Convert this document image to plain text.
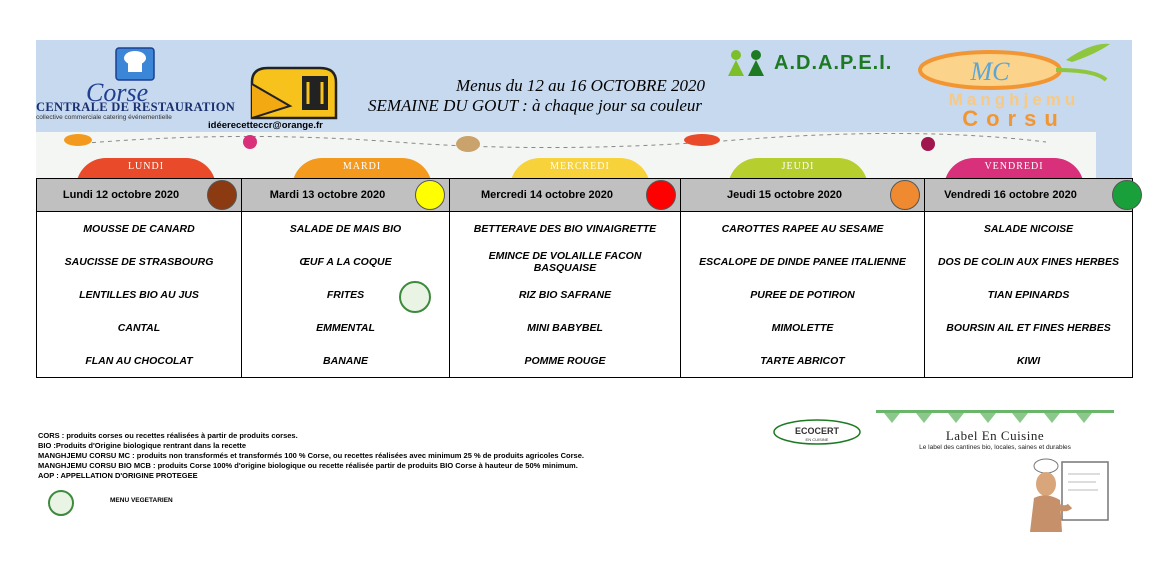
Corse
CENTRALE DE RESTAURATION
collective commerciale catering événementielle
idéerecetteccr@orange.fr
A.D.A.P.E.I.
Menus du 12 au 16 OCTOBRE 2020
SEMAINE DU GOUT : à chaque jour sa couleur
MC
Manghjemu
Corsu
LUNDI	MARDI	MERCREDI	JEUDI	VENDREDI
Lundi 12 octobre 2020	Mardi 13 octobre 2020	Mercredi 14 octobre 2020	Jeudi 15 octobre 2020	Vendredi 16 octobre 2020

MOUSSE DE CANARD	SALADE DE MAIS BIO	BETTERAVE DES BIO VINAIGRETTE	CAROTTES RAPEE AU SESAME	SALADE NICOISE
SAUCISSE DE STRASBOURG	ŒUF A LA COQUE	EMINCE DE VOLAILLE FACON BASQUAISE	ESCALOPE DE DINDE PANEE ITALIENNE	DOS DE COLIN AUX FINES HERBES
LENTILLES BIO AU JUS	FRITES	RIZ BIO SAFRANE	PUREE DE POTIRON	TIAN EPINARDS
CANTAL	EMMENTAL	MINI BABYBEL	MIMOLETTE	BOURSIN AIL ET FINES HERBES
FLAN AU CHOCOLAT	BANANE	POMME ROUGE	TARTE ABRICOT	KIWI
CORS : produits corses ou recettes réalisées à partir de produits corses.
BIO :Produits d'Origine biologique rentrant dans la recette
MANGHJEMU CORSU MC : produits non transformés et transformés 100 % Corse, ou recettes réalisées avec minimum 25 % de produits agricoles Corse.
MANGHJEMU CORSU BIO MCB : produits Corse 100% d'origine biologique ou recette réalisée partir de produits BIO Corse à hauteur de 50% minimum.
AOP : APPELLATION D'ORIGINE PROTEGEE
MENU VEGETARIEN
ECOCERT
EN CUISINE	Label En Cuisine
Le label des cantines bio, locales, saines et durables
